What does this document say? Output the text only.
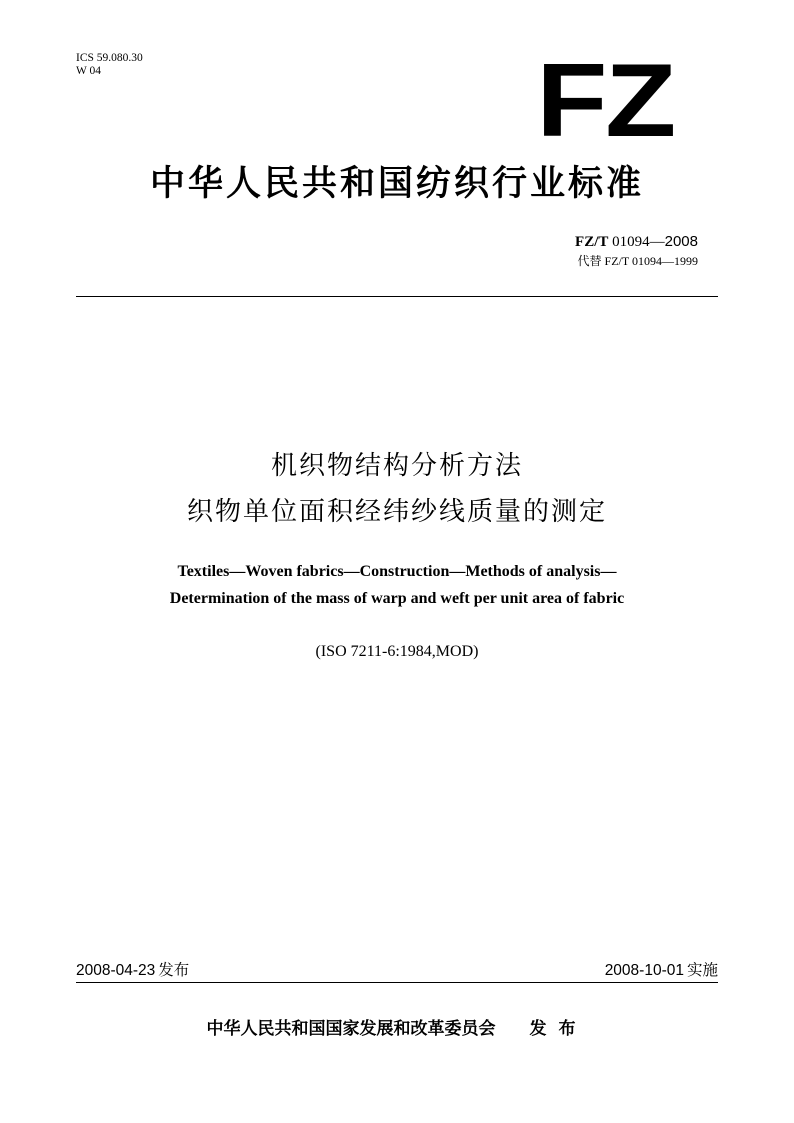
ICS 59.080.30
W 04	FZ
中华人民共和国纺织行业标准
FZ/T 01094—2008
代替 FZ/T 01094—1999
机织物结构分析方法
织物单位面积经纬纱线质量的测定
Textiles—Woven fabrics—Construction—Methods of analysis—
Determination of the mass of warp and weft per unit area of fabric
(ISO 7211-6:1984,MOD)
2008-04-23 发布	2008-10-01 实施
中华人民共和国国家发展和改革委员会 发布
